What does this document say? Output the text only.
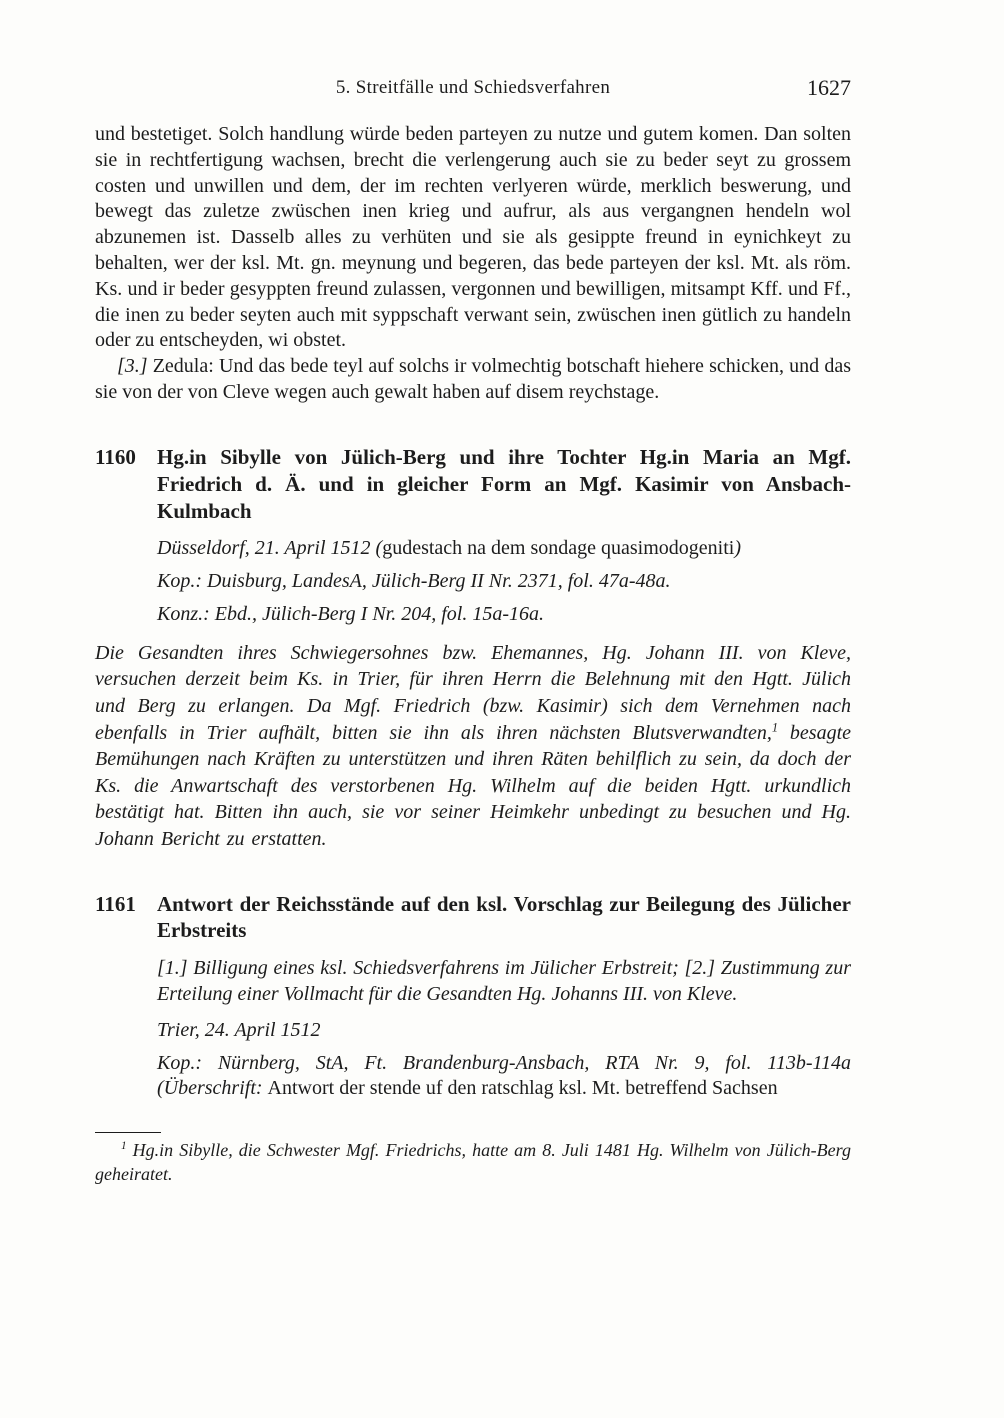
5. Streitfälle und Schiedsverfahren	1627

und bestetiget. Solch handlung würde beden parteyen zu nutze und gutem komen. Dan solten sie in rechtfertigung wachsen, brecht die verlengerung auch sie zu beder seyt zu grossem costen und unwillen und dem, der im rechten verlyeren würde, merklich beswerung, und bewegt das zuletze zwüschen inen krieg und aufrur, als aus vergangnen hendeln wol abzunemen ist. Dasselb alles zu verhüten und sie als gesippte freund in eynichkeyt zu behalten, wer der ksl. Mt. gn. meynung und begeren, das bede parteyen der ksl. Mt. als röm. Ks. und ir beder gesyppten freund zulassen, vergonnen und bewilligen, mitsampt Kff. und Ff., die inen zu beder seyten auch mit syppschaft verwant sein, zwüschen inen gütlich zu handeln oder zu entscheyden, wi obstet.

[3.] Zedula: Und das bede teyl auf solchs ir volmechtig botschaft hiehere schicken, und das sie von der von Cleve wegen auch gewalt haben auf disem reychstage.

1160 Hg.in Sibylle von Jülich-Berg und ihre Tochter Hg.in Maria an Mgf. Friedrich d. Ä. und in gleicher Form an Mgf. Kasimir von Ansbach-Kulmbach

Düsseldorf, 21. April 1512 (gudestach na dem sondage quasimodogeniti)

Kop.: Duisburg, LandesA, Jülich-Berg II Nr. 2371, fol. 47a-48a.

Konz.: Ebd., Jülich-Berg I Nr. 204, fol. 15a-16a.

Die Gesandten ihres Schwiegersohnes bzw. Ehemannes, Hg. Johann III. von Kleve, versuchen derzeit beim Ks. in Trier, für ihren Herrn die Belehnung mit den Hgtt. Jülich und Berg zu erlangen. Da Mgf. Friedrich (bzw. Kasimir) sich dem Vernehmen nach ebenfalls in Trier aufhält, bitten sie ihn als ihren nächsten Blutsverwandten,$^1$ besagte Bemühungen nach Kräften zu unterstützen und ihren Räten behilflich zu sein, da doch der Ks. die Anwartschaft des verstorbenen Hg. Wilhelm auf die beiden Hgtt. urkundlich bestätigt hat. Bitten ihn auch, sie vor seiner Heimkehr unbedingt zu besuchen und Hg. Johann Bericht zu erstatten.

1161 Antwort der Reichsstände auf den ksl. Vorschlag zur Beilegung des Jülicher Erbstreits

[1.] Billigung eines ksl. Schiedsverfahrens im Jülicher Erbstreit; [2.] Zustimmung zur Erteilung einer Vollmacht für die Gesandten Hg. Johanns III. von Kleve.

Trier, 24. April 1512

Kop.: Nürnberg, StA, Ft. Brandenburg-Ansbach, RTA Nr. 9, fol. 113b-114a (Überschrift: Antwort der stende uf den ratschlag ksl. Mt. betreffend Sachsen

$^1$ Hg.in Sibylle, die Schwester Mgf. Friedrichs, hatte am 8. Juli 1481 Hg. Wilhelm von Jülich-Berg geheiratet.
